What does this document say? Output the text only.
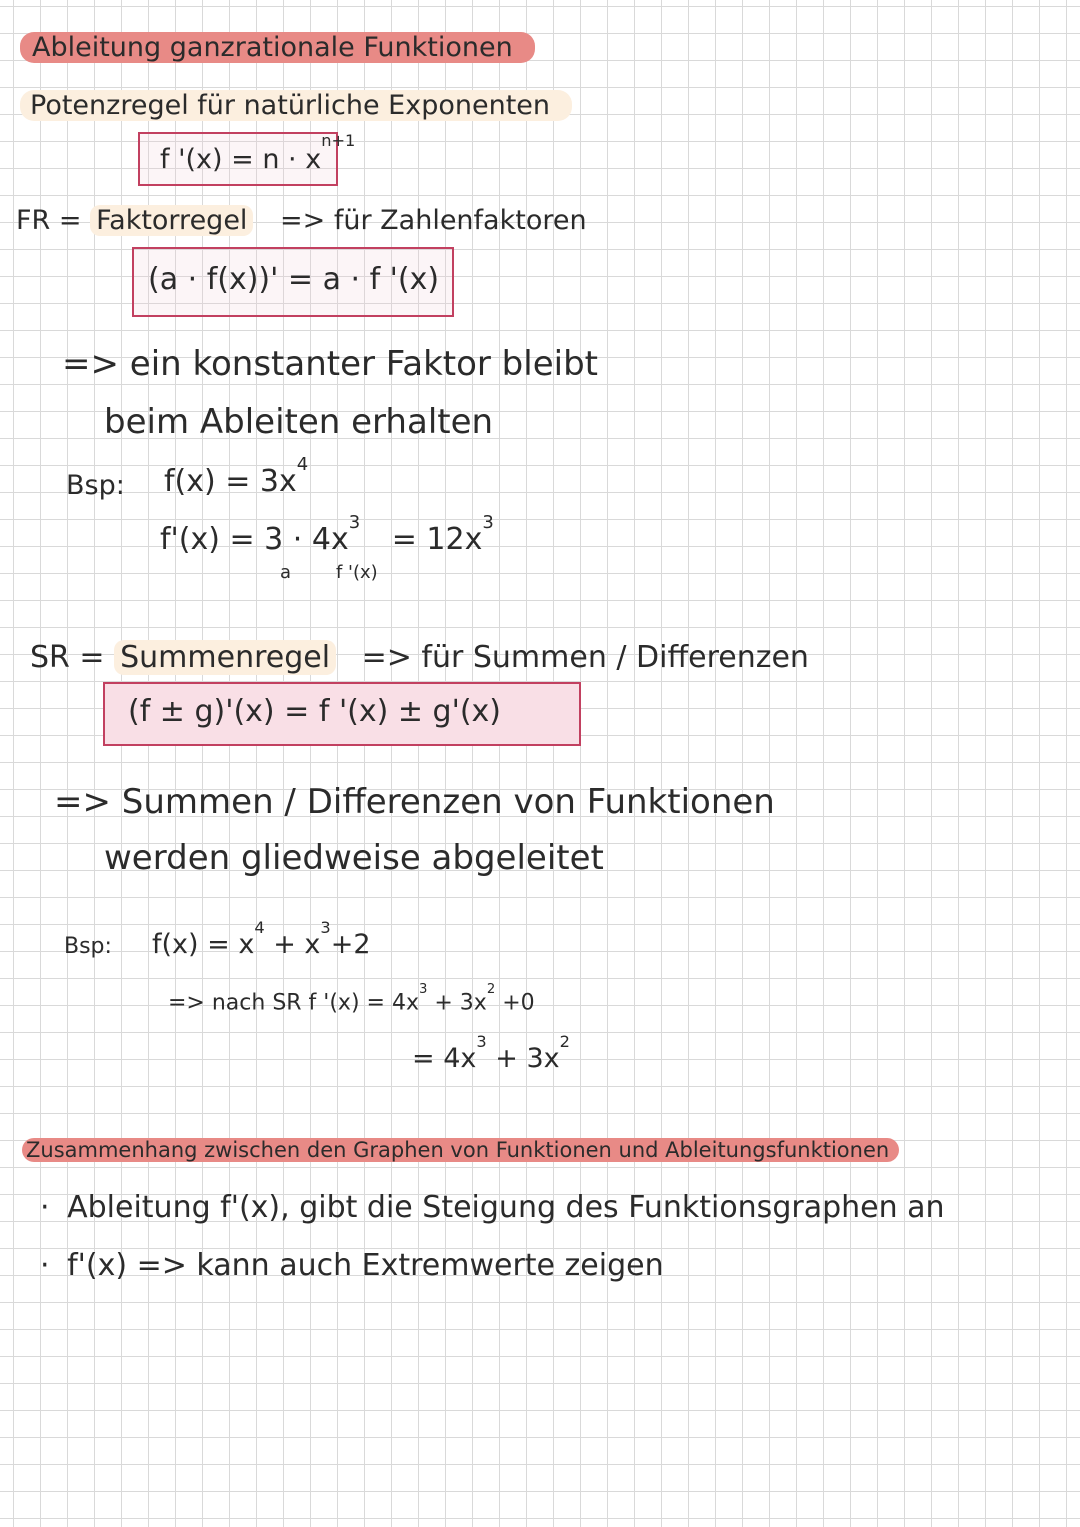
Ableitung ganzrationale Funktionen
Potenzregel für natürliche Exponenten
f '$(x) = n \cdot x^{n+1}$
FR = Faktorregel => für Zahlenfaktoren
(a · f(x))' = a · f '(x)
=> ein konstanter Faktor bleibt
beim Ableiten erhalten
Bsp: $f(x) = 3x^4$
$f'(x) = 3 \cdot 4x^3 = 12x^3$
a f '(x)
SR = Summenregel => für Summen / Differenzen
(f ± g)'(x) = f '(x) ± g'(x)
=> Summen / Differenzen von Funktionen
werden gliedweise abgeleitet
Bsp: $f(x) = x^4 + x^3+2$
=> nach SR f '$(x) = 4x^3 + 3x^2 +0$
= $4x^3 + 3x^2$
Zusammenhang zwischen den Graphen von Funktionen und Ableitungsfunktionen
· Ableitung f'(x), gibt die Steigung des Funktionsgraphen an
· f'(x) => kann auch Extremwerte zeigen
